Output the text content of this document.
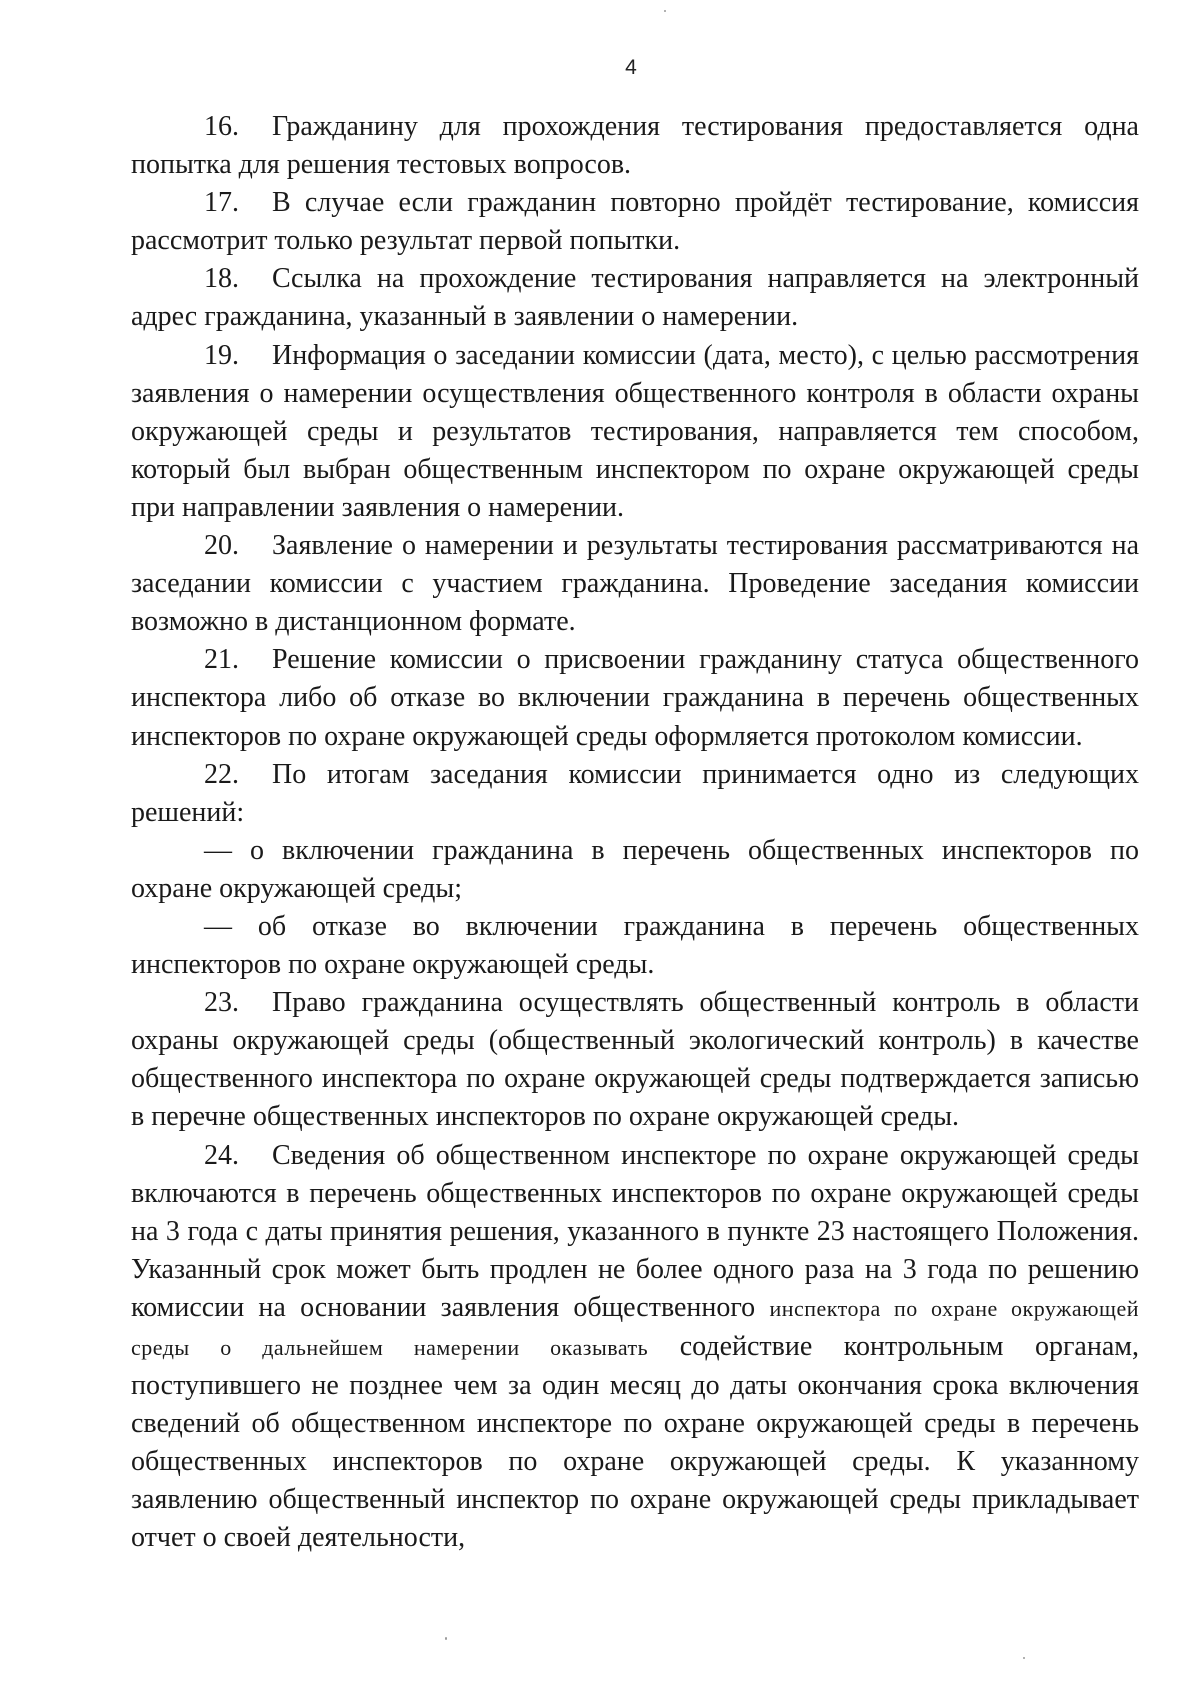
4

16. Гражданину для прохождения тестирования предоставляется одна попытка для решения тестовых вопросов.

17. В случае если гражданин повторно пройдёт тестирование, комиссия рассмотрит только результат первой попытки.

18. Ссылка на прохождение тестирования направляется на электронный адрес гражданина, указанный в заявлении о намерении.

19. Информация о заседании комиссии (дата, место), с целью рассмотрения заявления о намерении осуществления общественного контроля в области охраны окружающей среды и результатов тестирования, направляется тем способом, который был выбран общественным инспектором по охране окружающей среды при направлении заявления о намерении.

20. Заявление о намерении и результаты тестирования рассматриваются на заседании комиссии с участием гражданина. Проведение заседания комиссии возможно в дистанционном формате.

21. Решение комиссии о присвоении гражданину статуса общественного инспектора либо об отказе во включении гражданина в перечень общественных инспекторов по охране окружающей среды оформляется протоколом комиссии.

22. По итогам заседания комиссии принимается одно из следующих решений:

— о включении гражданина в перечень общественных инспекторов по охране окружающей среды;

— об отказе во включении гражданина в перечень общественных инспекторов по охране окружающей среды.

23. Право гражданина осуществлять общественный контроль в области охраны окружающей среды (общественный экологический контроль) в качестве общественного инспектора по охране окружающей среды подтверждается записью в перечне общественных инспекторов по охране окружающей среды.

24. Сведения об общественном инспекторе по охране окружающей среды включаются в перечень общественных инспекторов по охране окружающей среды на 3 года с даты принятия решения, указанного в пункте 23 настоящего Положения. Указанный срок может быть продлен не более одного раза на 3 года по решению комиссии на основании заявления общественного инспектора по охране окружающей среды о дальнейшем намерении оказывать содействие контрольным органам, поступившего не позднее чем за один месяц до даты окончания срока включения сведений об общественном инспекторе по охране окружающей среды в перечень общественных инспекторов по охране окружающей среды. К указанному заявлению общественный инспектор по охране окружающей среды прикладывает отчет о своей деятельности,
